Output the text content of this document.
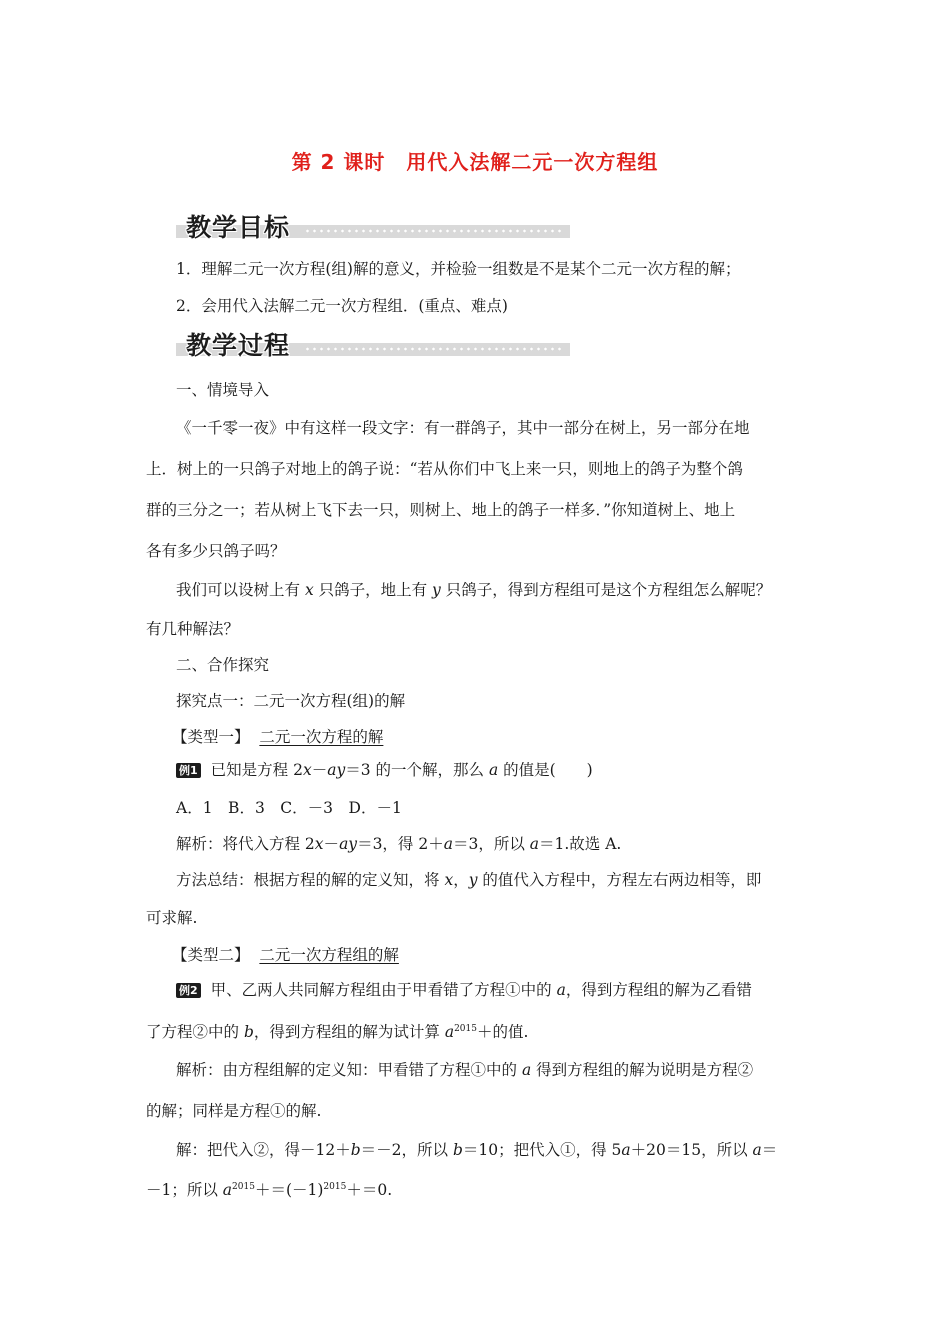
第 2 课时　用代入法解二元一次方程组
教学目标
1．理解二元一次方程(组)解的意义，并检验一组数是不是某个二元一次方程的解；
2．会用代入法解二元一次方程组．(重点、难点)
教学过程
一、情境导入
《一千零一夜》中有这样一段文字：有一群鸽子，其中一部分在树上，另一部分在地
上．树上的一只鸽子对地上的鸽子说：“若从你们中飞上来一只，则地上的鸽子为整个鸽
群的三分之一；若从树上飞下去一只，则树上、地上的鸽子一样多．”你知道树上、地上
各有多少只鸽子吗？
我们可以设树上有 x 只鸽子，地上有 y 只鸽子，得到方程组可是这个方程组怎么解呢？
有几种解法？
二、合作探究
探究点一：二元一次方程(组)的解
【类型一】 二元一次方程的解
例1 已知是方程 2x－ay＝3 的一个解，那么 a 的值是(　　)
A．1　B．3　C．－3　D．－1
解析：将代入方程 2x－ay＝3，得 2＋a＝3，所以 a＝1.故选 A.
方法总结：根据方程的解的定义知，将 x，y 的值代入方程中，方程左右两边相等，即
可求解.
【类型二】 二元一次方程组的解
例2 甲、乙两人共同解方程组由于甲看错了方程①中的 a，得到方程组的解为乙看错
了方程②中的 b，得到方程组的解为试计算 $a^{2015}+$的值.
解析：由方程组解的定义知：甲看错了方程①中的 a 得到方程组的解为说明是方程②
的解；同样是方程①的解.
解：把代入②，得－12＋b＝－2，所以 b＝10；把代入①，得 5a＋20＝15，所以 a＝
－1；所以 $a^{2015}+=(-1)^{2015}+=0$.
